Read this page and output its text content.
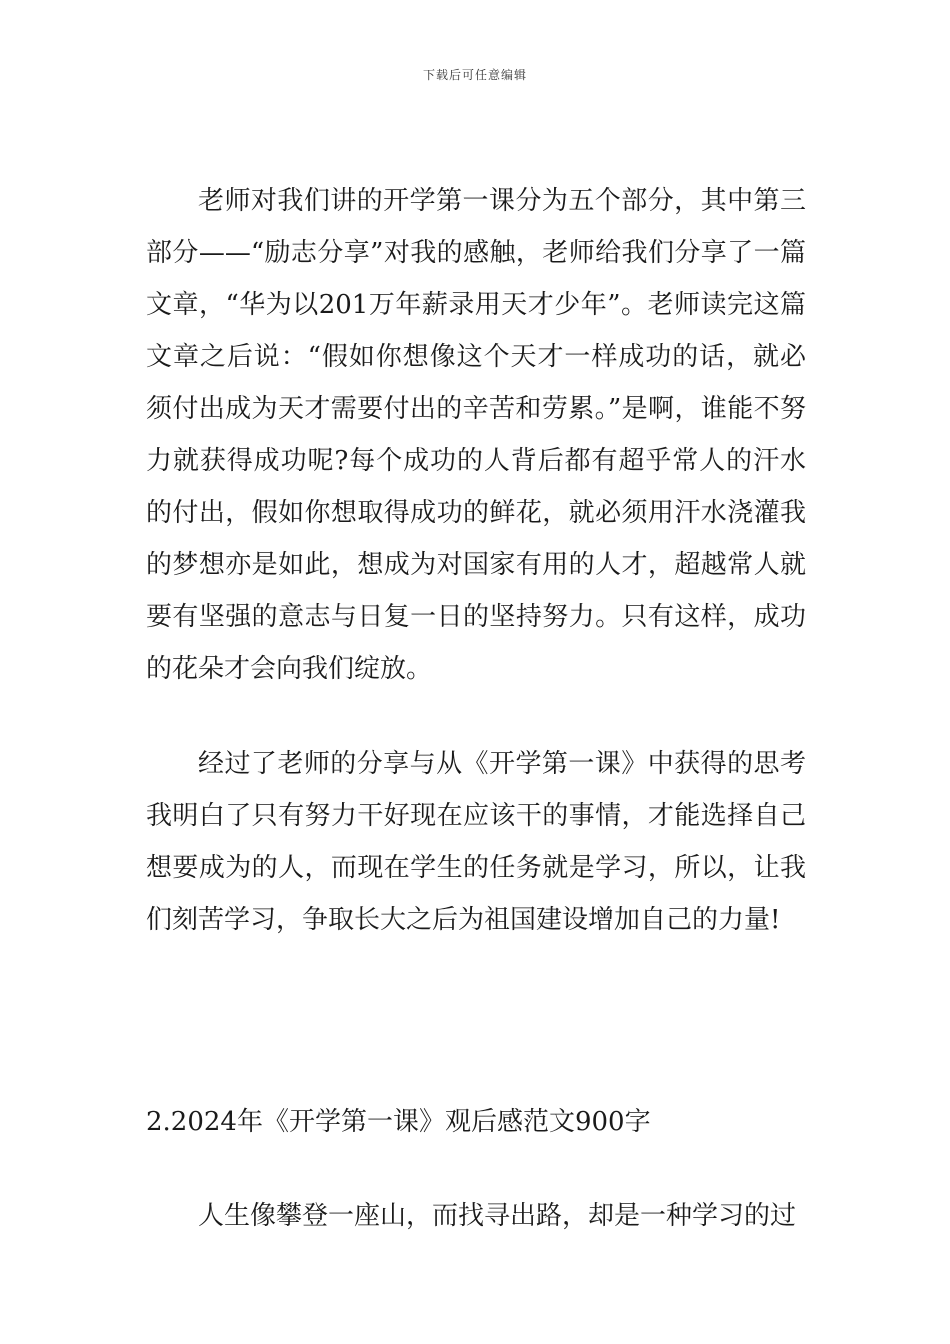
下载后可任意编辑

老师对我们讲的开学第一课分为五个部分，其中第三部分——“励志分享”对我的感触，老师给我们分享了一篇文章，“华为以201万年薪录用天才少年”。老师读完这篇文章之后说：“假如你想像这个天才一样成功的话，就必须付出成为天才需要付出的辛苦和劳累。”是啊，谁能不努力就获得成功呢?每个成功的人背后都有超乎常人的汗水的付出，假如你想取得成功的鲜花，就必须用汗水浇灌我的梦想亦是如此，想成为对国家有用的人才，超越常人就要有坚强的意志与日复一日的坚持努力。只有这样，成功的花朵才会向我们绽放。

经过了老师的分享与从《开学第一课》中获得的思考我明白了只有努力干好现在应该干的事情，才能选择自己想要成为的人，而现在学生的任务就是学习，所以，让我们刻苦学习，争取长大之后为祖国建设增加自己的力量!

2.2024年《开学第一课》观后感范文900字

人生像攀登一座山，而找寻出路，却是一种学习的过
